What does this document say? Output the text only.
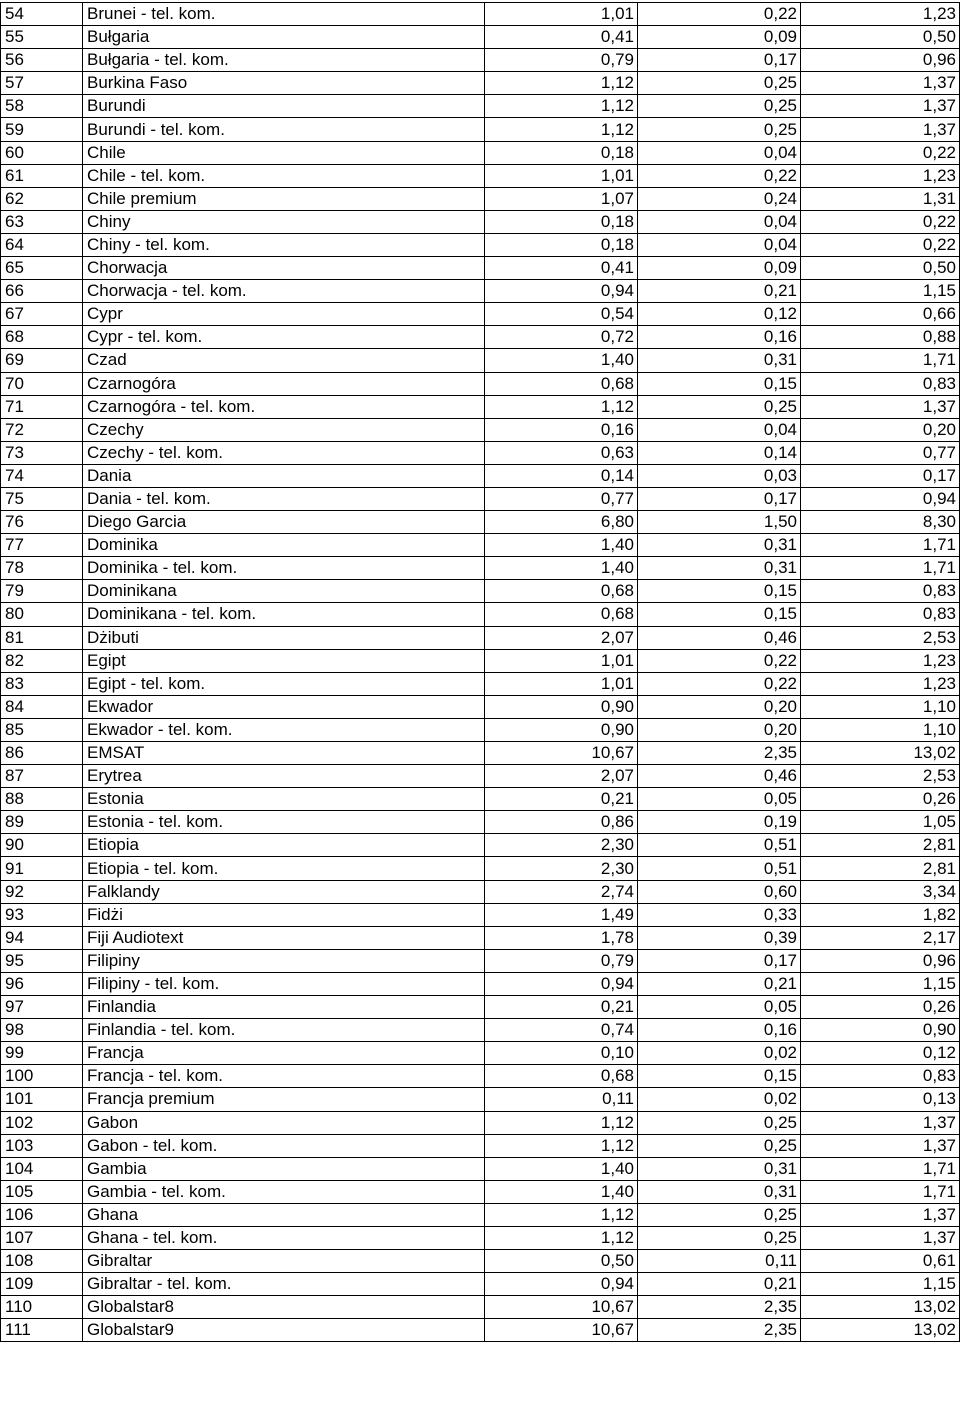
54	Brunei - tel. kom.	1,01	0,22	1,23
55	Bułgaria	0,41	0,09	0,50
56	Bułgaria - tel. kom.	0,79	0,17	0,96
57	Burkina Faso	1,12	0,25	1,37
58	Burundi	1,12	0,25	1,37
59	Burundi - tel. kom.	1,12	0,25	1,37
60	Chile	0,18	0,04	0,22
61	Chile - tel. kom.	1,01	0,22	1,23
62	Chile premium	1,07	0,24	1,31
63	Chiny	0,18	0,04	0,22
64	Chiny - tel. kom.	0,18	0,04	0,22
65	Chorwacja	0,41	0,09	0,50
66	Chorwacja - tel. kom.	0,94	0,21	1,15
67	Cypr	0,54	0,12	0,66
68	Cypr - tel. kom.	0,72	0,16	0,88
69	Czad	1,40	0,31	1,71
70	Czarnogóra	0,68	0,15	0,83
71	Czarnogóra - tel. kom.	1,12	0,25	1,37
72	Czechy	0,16	0,04	0,20
73	Czechy - tel. kom.	0,63	0,14	0,77
74	Dania	0,14	0,03	0,17
75	Dania - tel. kom.	0,77	0,17	0,94
76	Diego Garcia	6,80	1,50	8,30
77	Dominika	1,40	0,31	1,71
78	Dominika - tel. kom.	1,40	0,31	1,71
79	Dominikana	0,68	0,15	0,83
80	Dominikana - tel. kom.	0,68	0,15	0,83
81	Dżibuti	2,07	0,46	2,53
82	Egipt	1,01	0,22	1,23
83	Egipt - tel. kom.	1,01	0,22	1,23
84	Ekwador	0,90	0,20	1,10
85	Ekwador - tel. kom.	0,90	0,20	1,10
86	EMSAT	10,67	2,35	13,02
87	Erytrea	2,07	0,46	2,53
88	Estonia	0,21	0,05	0,26
89	Estonia - tel. kom.	0,86	0,19	1,05
90	Etiopia	2,30	0,51	2,81
91	Etiopia - tel. kom.	2,30	0,51	2,81
92	Falklandy	2,74	0,60	3,34
93	Fidżi	1,49	0,33	1,82
94	Fiji Audiotext	1,78	0,39	2,17
95	Filipiny	0,79	0,17	0,96
96	Filipiny - tel. kom.	0,94	0,21	1,15
97	Finlandia	0,21	0,05	0,26
98	Finlandia - tel. kom.	0,74	0,16	0,90
99	Francja	0,10	0,02	0,12
100	Francja - tel. kom.	0,68	0,15	0,83
101	Francja premium	0,11	0,02	0,13
102	Gabon	1,12	0,25	1,37
103	Gabon - tel. kom.	1,12	0,25	1,37
104	Gambia	1,40	0,31	1,71
105	Gambia - tel. kom.	1,40	0,31	1,71
106	Ghana	1,12	0,25	1,37
107	Ghana - tel. kom.	1,12	0,25	1,37
108	Gibraltar	0,50	0,11	0,61
109	Gibraltar - tel. kom.	0,94	0,21	1,15
110	Globalstar8	10,67	2,35	13,02
111	Globalstar9	10,67	2,35	13,02
